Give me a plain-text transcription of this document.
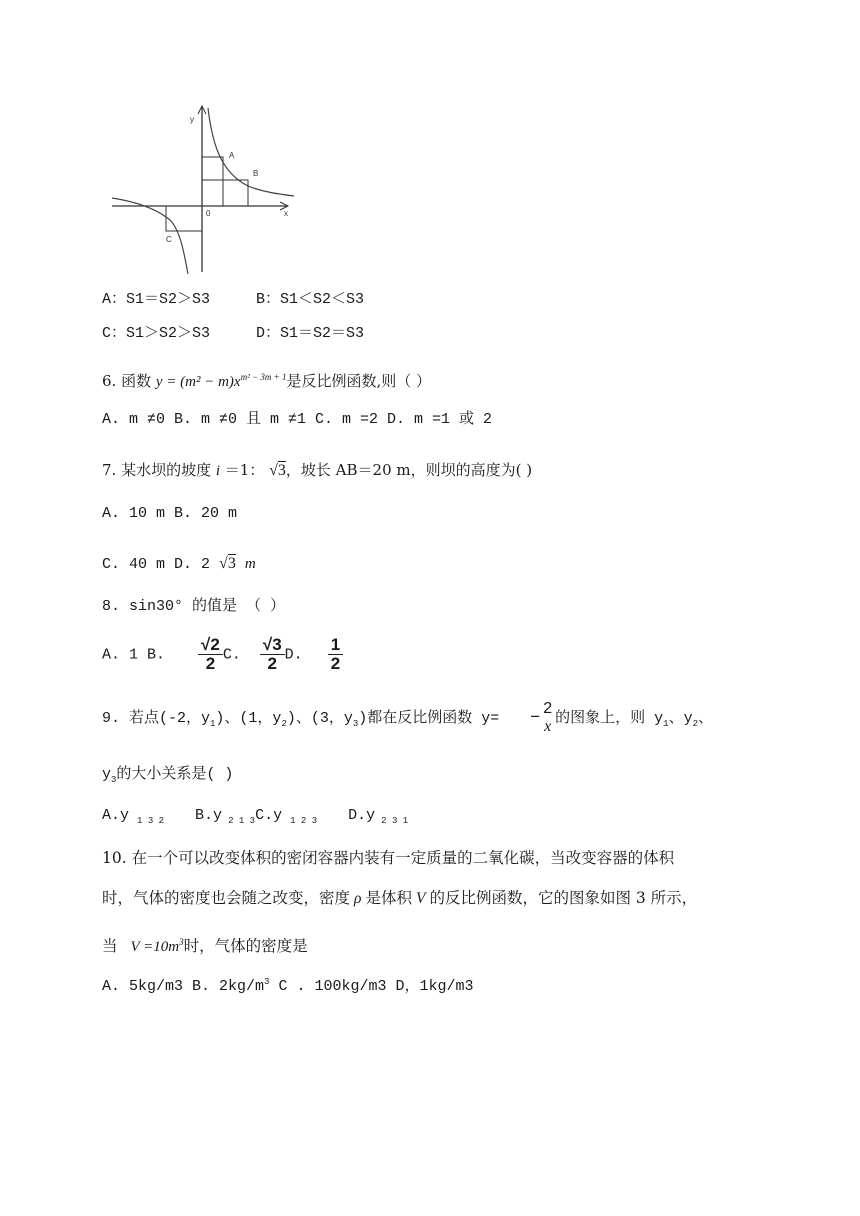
y
x
0
A
B
C
A：S1＝S2＞S3	B：S1＜S2＜S3
C：S1＞S2＞S3	D：S1＝S2＝S3
6. 函数 $y = (m^2 - m)x^{m^2 - 3m + 1}$是反比例函数,则（ ）
A. m ≠0 B. m ≠0 且 m ≠1 C. m =2 D. m =1 或 2
7. 某水坝的坡度 i ＝1： √3，坡长 AB＝20 m，则坝的高度为( )
A. 10 m B. 20 m
C. 40 m D. 2 √3 m
8. sin30° 的值是 （ ）
A. 1 B. $\frac{√2}{2} C$. $\frac{√3}{2} D$. $\frac{1}{2}$
9. 若点(-2，$y_1$)、(1，$y_2$)、(3，$y_3$)都在反比例函数 y= − 2
x 的图象上，则 $y_1$、$y_2$、
$y_3$的大小关系是( )
A.y $_{1 3 2}$ B.y $_{2 1 3}$C.y $_{1 2 3}$ D.y $_{2 3 1}$
10. 在一个可以改变体积的密闭容器内装有一定质量的二氧化碳，当改变容器的体积
时，气体的密度也会随之改变，密度 ρ 是体积 V 的反比例函数，它的图象如图 3 所示，
当 $V =10m^3$时，气体的密度是
A. 5kg/m3 B. $2kg/m^3$ C . 100kg/m3 D，1kg/m3
